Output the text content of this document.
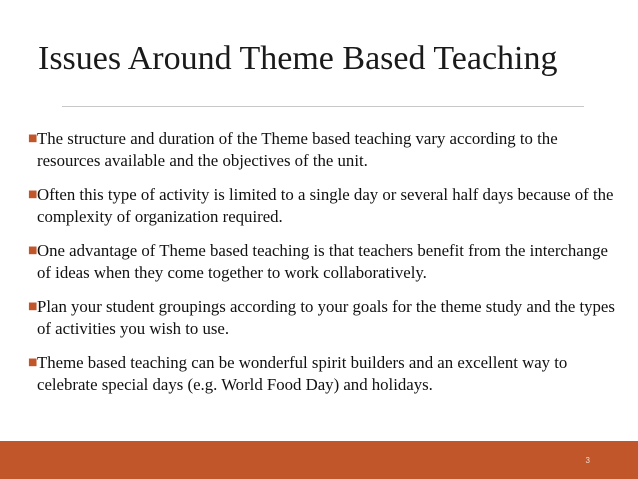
Issues Around Theme Based Teaching
■ The structure and duration of the Theme based teaching vary according to the resources available and the objectives of the unit.
■ Often this type of activity is limited to a single day or several half days because of the complexity of organization required.
■ One advantage of Theme based teaching is that teachers benefit from the interchange of ideas when they come together to work collaboratively.
■ Plan your student groupings according to your goals for the theme study and the types of activities you wish to use.
■ Theme based teaching can be wonderful spirit builders and an excellent way to celebrate special days (e.g. World Food Day) and holidays.
3
